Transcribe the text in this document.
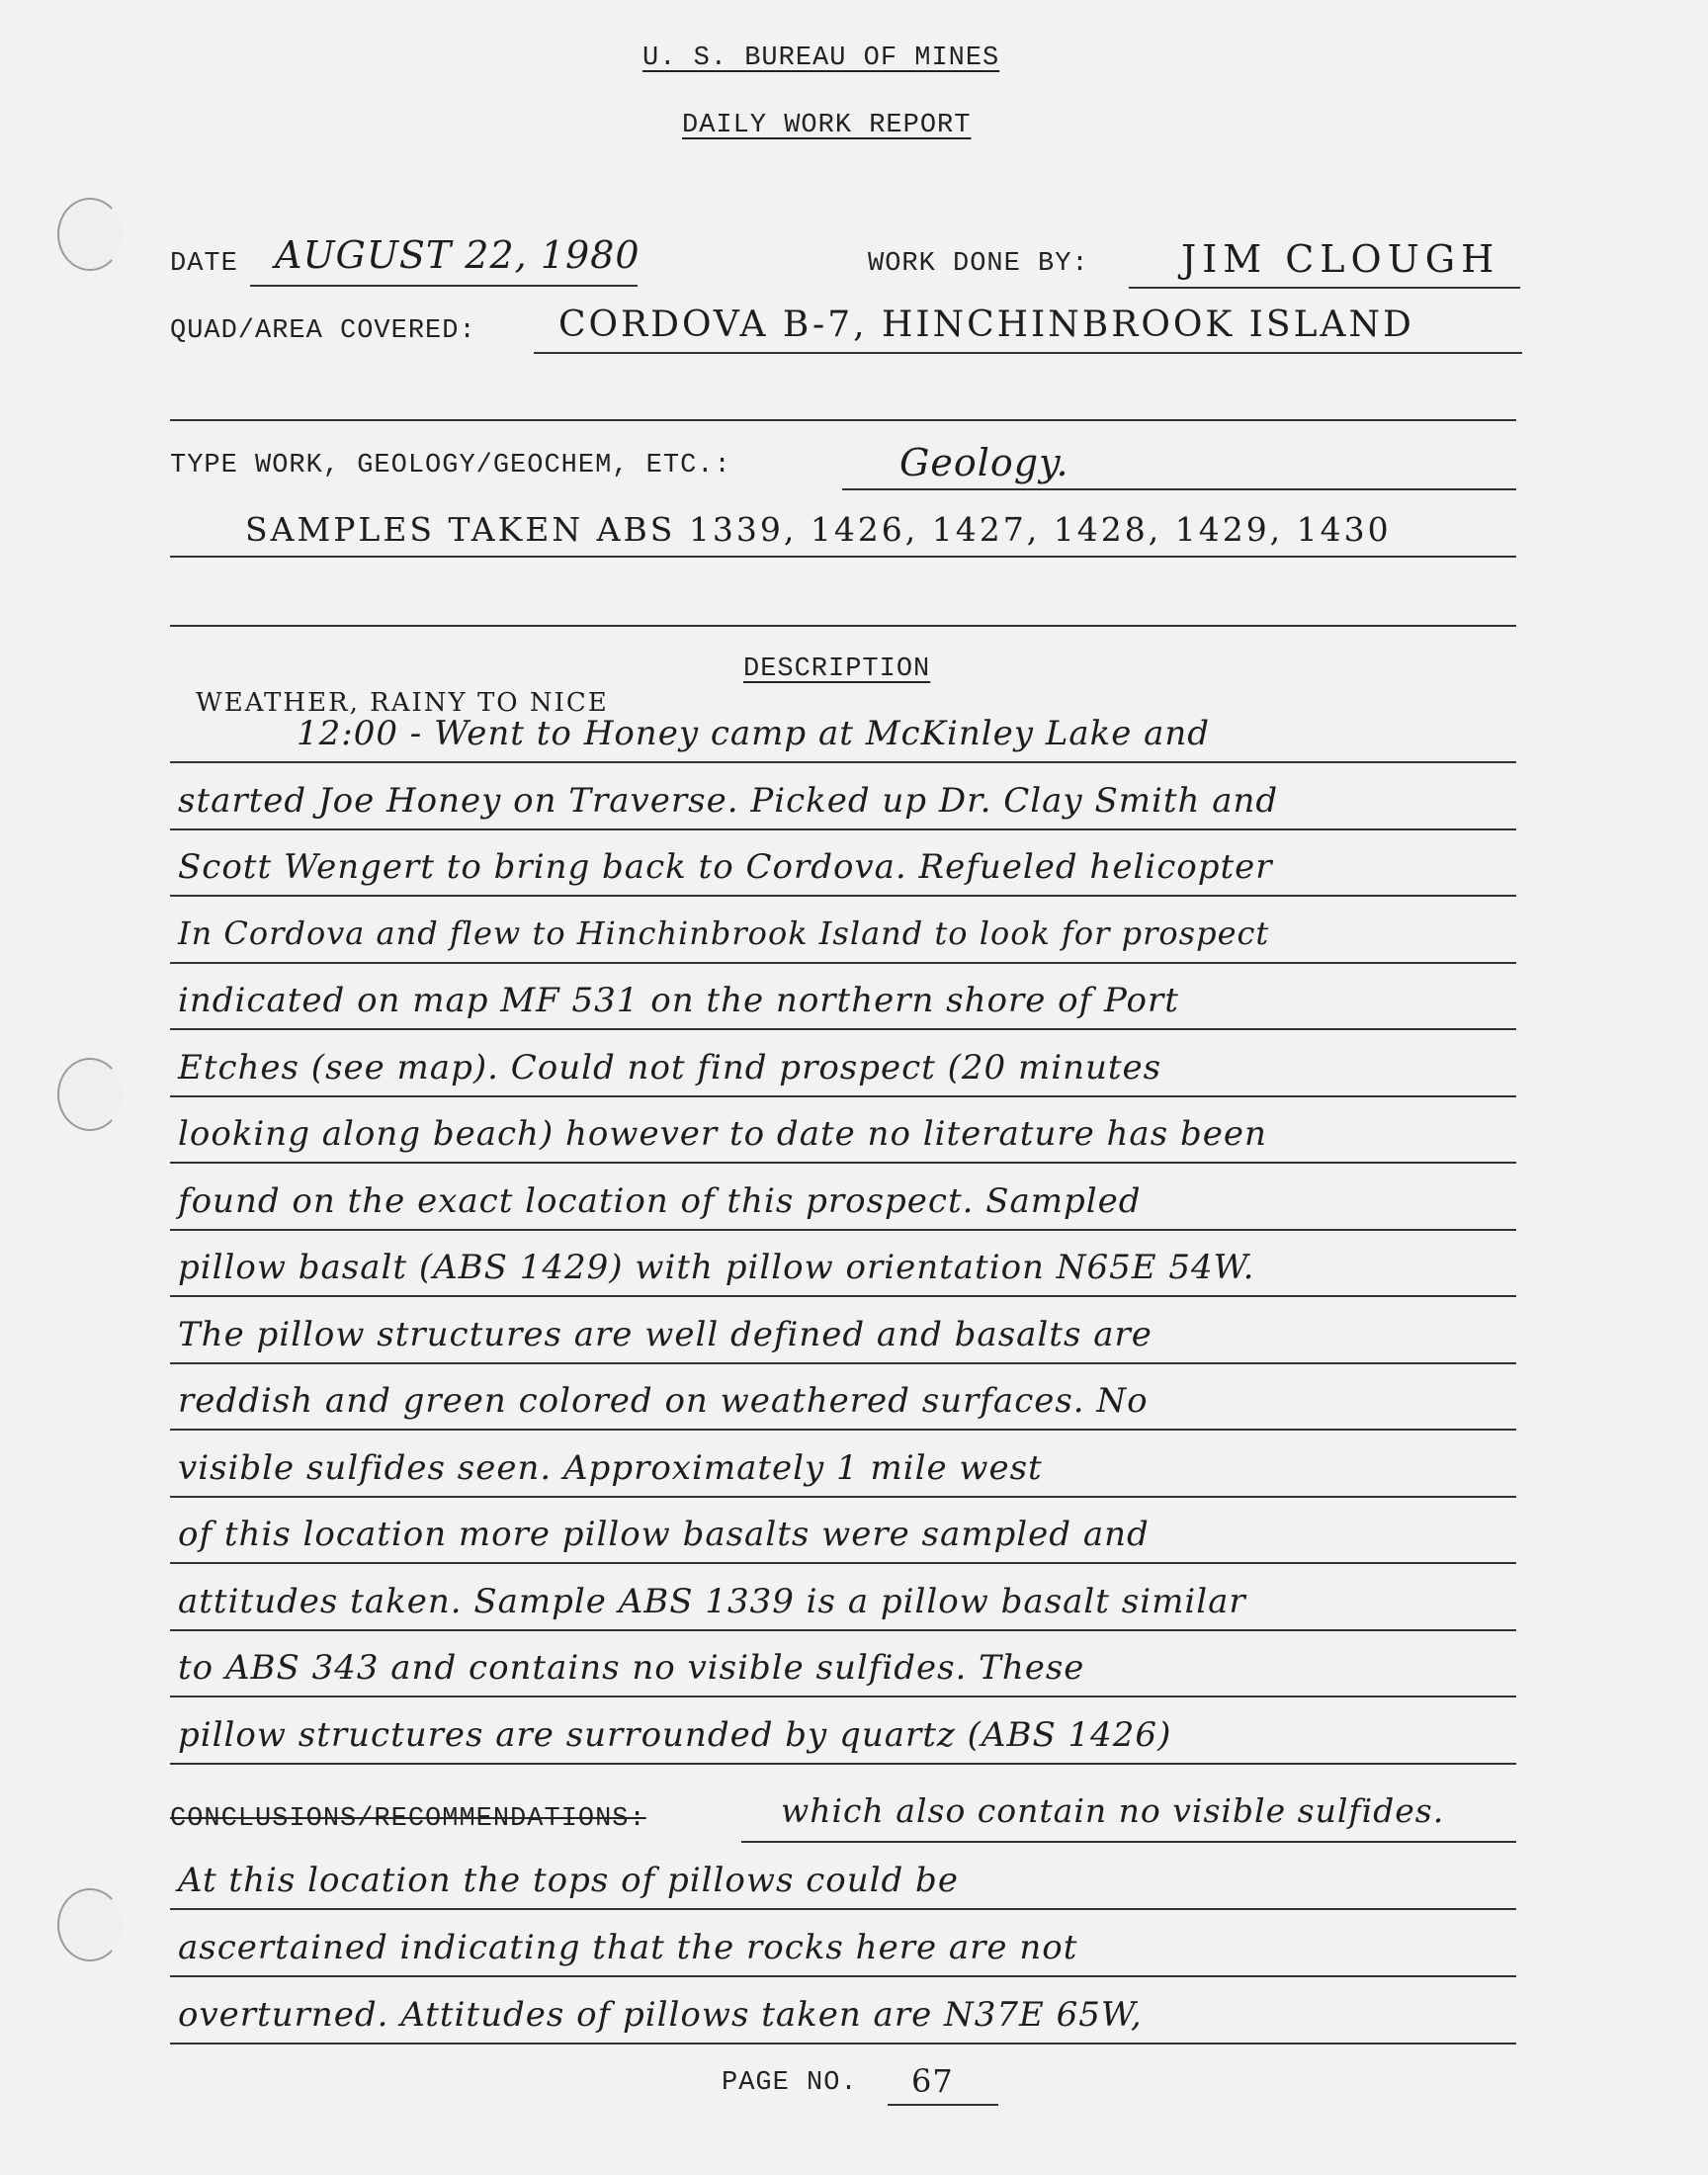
U. S. BUREAU OF MINES
DAILY WORK REPORT
DATE AUGUST 22, 1980	WORK DONE BY: JIM CLOUGH
QUAD/AREA COVERED: CORDOVA B-7, HINCHINBROOK ISLAND
TYPE WORK, GEOLOGY/GEOCHEM, ETC.:	Geology.
SAMPLES TAKEN ABS 1339, 1426, 1427, 1428, 1429, 1430
DESCRIPTION
WEATHER, RAINY TO NICE
12:00 - Went to Honey camp at McKinley Lake and
started Joe Honey on Traverse. Picked up Dr. Clay Smith and
Scott Wengert to bring back to Cordova. Refueled helicopter
In Cordova and flew to Hinchinbrook Island to look for prospect
indicated on map MF 531 on the northern shore of Port
Etches (see map). Could not find prospect (20 minutes
looking along beach) however to date no literature has been
found on the exact location of this prospect. Sampled
pillow basalt (ABS 1429) with pillow orientation N65E 54W.
The pillow structures are well defined and basalts are
reddish and green colored on weathered surfaces. No
visible sulfides seen. Approximately 1 mile west
of this location more pillow basalts were sampled and
attitudes taken. Sample ABS 1339 is a pillow basalt similar
to ABS 343 and contains no visible sulfides. These
pillow structures are surrounded by quartz (ABS 1426)
CONCLUSIONS/RECOMMENDATIONS:	which also contain no visible sulfides.
At this location the tops of pillows could be
ascertained indicating that the rocks here are not
overturned. Attitudes of pillows taken are N37E 65W,
PAGE NO. 67
